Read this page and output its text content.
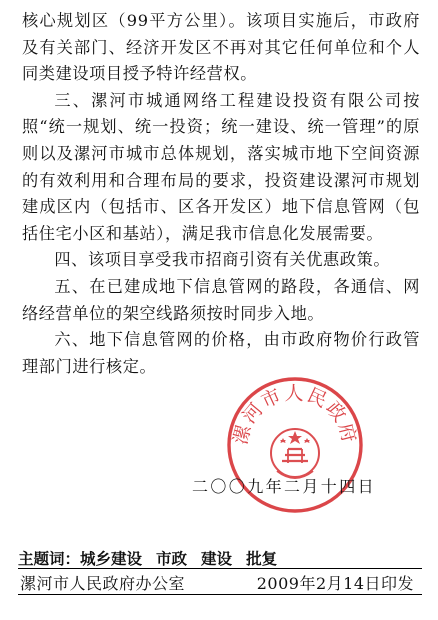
核心规划区（99平方公里）。该项目实施后，市政府及有关部门、经济开发区不再对其它任何单位和个人同类建设项目授予特许经营权。

三、漯河市城通网络工程建设投资有限公司按照“统一规划、统一投资；统一建设、统一管理”的原则以及漯河市城市总体规划，落实城市地下空间资源的有效利用和合理布局的要求，投资建设漯河市规划建成区内（包括市、区各开发区）地下信息管网（包括住宅小区和基站），满足我市信息化发展需要。

四、该项目享受我市招商引资有关优惠政策。

五、在已建成地下信息管网的路段，各通信、网络经营单位的架空线路须按时同步入地。

六、地下信息管网的价格，由市政府物价行政管理部门进行核定。

漯河市人民政府
二〇〇九年二月十四日
主题词：城乡建设 市政 建设 批复
漯河市人民政府办公室	2009年2月14日印发
